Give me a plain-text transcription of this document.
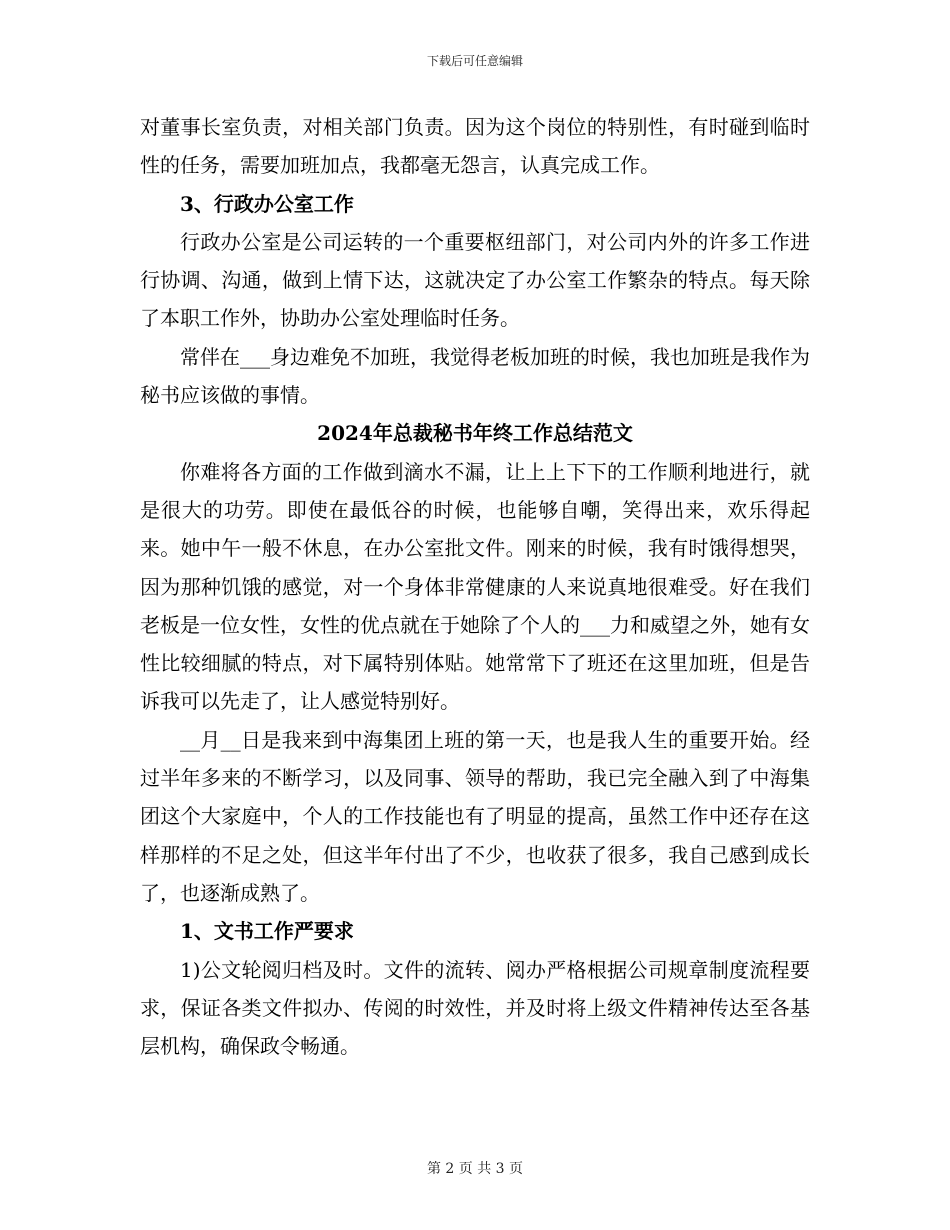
下载后可任意编辑

对董事长室负责，对相关部门负责。因为这个岗位的特别性，有时碰到临时性的任务，需要加班加点，我都毫无怨言，认真完成工作。

3、行政办公室工作

行政办公室是公司运转的一个重要枢纽部门，对公司内外的许多工作进行协调、沟通，做到上情下达，这就决定了办公室工作繁杂的特点。每天除了本职工作外，协助办公室处理临时任务。

常伴在___身边难免不加班，我觉得老板加班的时候，我也加班是我作为秘书应该做的事情。

2024年总裁秘书年终工作总结范文

你难将各方面的工作做到滴水不漏，让上上下下的工作顺利地进行，就是很大的功劳。即使在最低谷的时候，也能够自嘲，笑得出来，欢乐得起来。她中午一般不休息，在办公室批文件。刚来的时候，我有时饿得想哭，因为那种饥饿的感觉，对一个身体非常健康的人来说真地很难受。好在我们老板是一位女性，女性的优点就在于她除了个人的___力和威望之外，她有女性比较细腻的特点，对下属特别体贴。她常常下了班还在这里加班，但是告诉我可以先走了，让人感觉特别好。

__月__日是我来到中海集团上班的第一天，也是我人生的重要开始。经过半年多来的不断学习，以及同事、领导的帮助，我已完全融入到了中海集团这个大家庭中，个人的工作技能也有了明显的提高，虽然工作中还存在这样那样的不足之处，但这半年付出了不少，也收获了很多，我自己感到成长了，也逐渐成熟了。

1、文书工作严要求

1)公文轮阅归档及时。文件的流转、阅办严格根据公司规章制度流程要求，保证各类文件拟办、传阅的时效性，并及时将上级文件精神传达至各基层机构，确保政令畅通。

第 2 页 共 3 页
